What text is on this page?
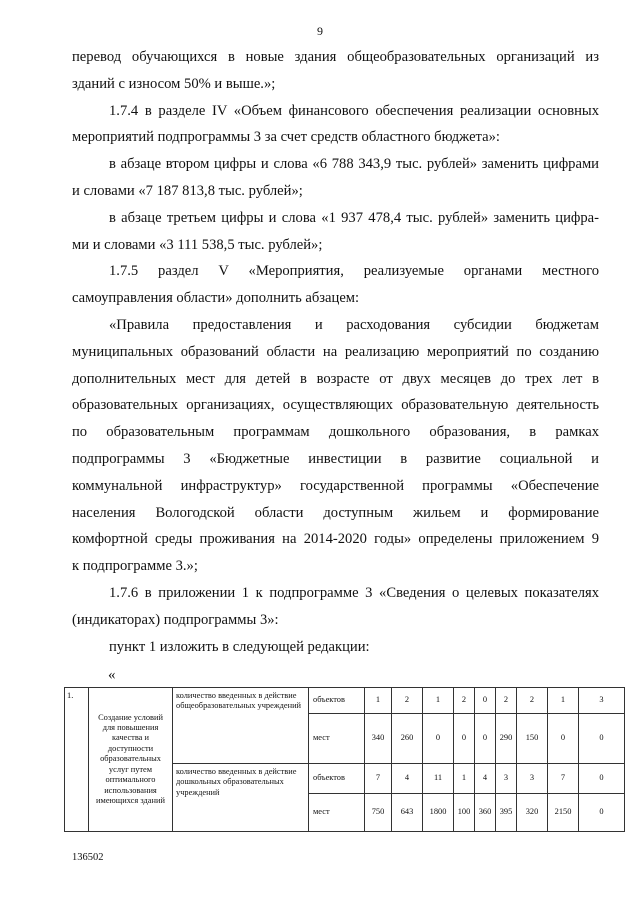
9

перевод обучающихся в новые здания общеобразовательных организаций из

зданий с износом 50% и выше.»;

1.7.4 в разделе IV «Объем финансового обеспечения реализации основных

мероприятий подпрограммы 3 за счет средств областного бюджета»:

в абзаце втором цифры и слова «6 788 343,9 тыс. рублей» заменить цифрами

и словами «7 187 813,8 тыс. рублей»;

в абзаце третьем цифры и слова «1 937 478,4 тыс. рублей» заменить цифра-

ми и словами «3 111 538,5 тыс. рублей»;

1.7.5 раздел V «Мероприятия, реализуемые органами местного

самоуправления области» дополнить абзацем:

«Правила предоставления и расходования субсидии бюджетам

муниципальных образований области на реализацию мероприятий по созданию

дополнительных мест для детей в возрасте от двух месяцев до трех лет в

образовательных организациях, осуществляющих образовательную деятельность

по образовательным программам дошкольного образования, в рамках

подпрограммы 3 «Бюджетные инвестиции в развитие социальной и

коммунальной инфраструктур» государственной программы «Обеспечение

населения Вологодской области доступным жильем и формирование

комфортной среды проживания на 2014-2020 годы» определены приложением 9

к подпрограмме 3.»;

1.7.6 в приложении 1 к подпрограмме 3 «Сведения о целевых показателях

(индикаторах) подпрограммы 3»:

пункт 1 изложить в следующей редакции:

«
1.	Создание условий для повышения качества и доступности образовательных услуг путем оптимального использования имеющихся зданий	количество введенных в действие общеобразовательных учреждений	объектов	1	2	1	2	0	2	2	1	3
			мест	340	260	0	0	0	290	150	0	0
		количество введенных в действие дошкольных образовательных учреждений	объектов	7	4	11	1	4	3	3	7	0
			мест	750	643	1800	100	360	395	320	2150	0
136502
